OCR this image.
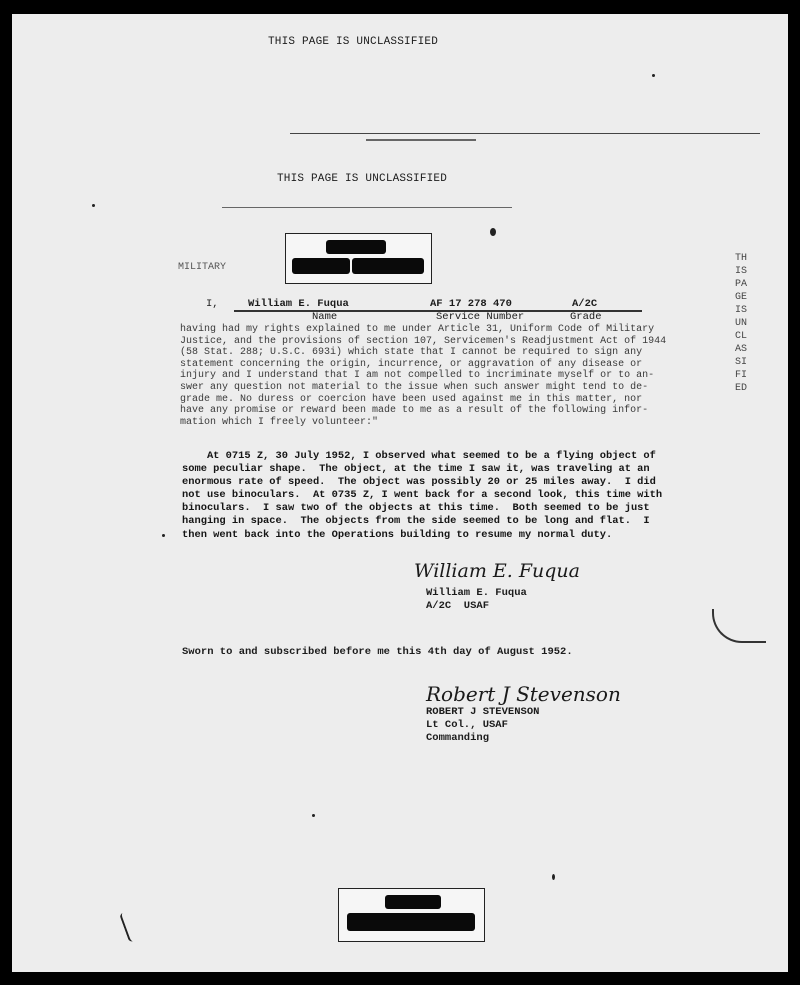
THIS PAGE IS UNCLASSIFIED
THIS PAGE IS UNCLASSIFIED
MILITARY
THIS PAGE IS UNCLASSIFIED
I,	William E. Fuqua	AF 17 278 470	A/2C
Name	Service Number	Grade
having had my rights explained to me under Article 31, Uniform Code of Military
Justice, and the provisions of section 107, Servicemen's Readjustment Act of 1944
(58 Stat. 288; U.S.C. 693i) which state that I cannot be required to sign any
statement concerning the origin, incurrence, or aggravation of any disease or
injury and I understand that I am not compelled to incriminate myself or to an-
swer any question not material to the issue when such answer might tend to de-
grade me. No duress or coercion have been used against me in this matter, nor
have any promise or reward been made to me as a result of the following infor-
mation which I freely volunteer:"
At 0715 Z, 30 July 1952, I observed what seemed to be a flying object of
some peculiar shape.  The object, at the time I saw it, was traveling at an
enormous rate of speed.  The object was possibly 20 or 25 miles away.  I did
not use binoculars.  At 0735 Z, I went back for a second look, this time with
binoculars.  I saw two of the objects at this time.  Both seemed to be just
hanging in space.  The objects from the side seemed to be long and flat.  I
then went back into the Operations building to resume my normal duty.
William E. Fuqua
William E. Fuqua
A/2C  USAF
Sworn to and subscribed before me this 4th day of August 1952.
Robert J Stevenson
ROBERT J STEVENSON
Lt Col., USAF
Commanding
